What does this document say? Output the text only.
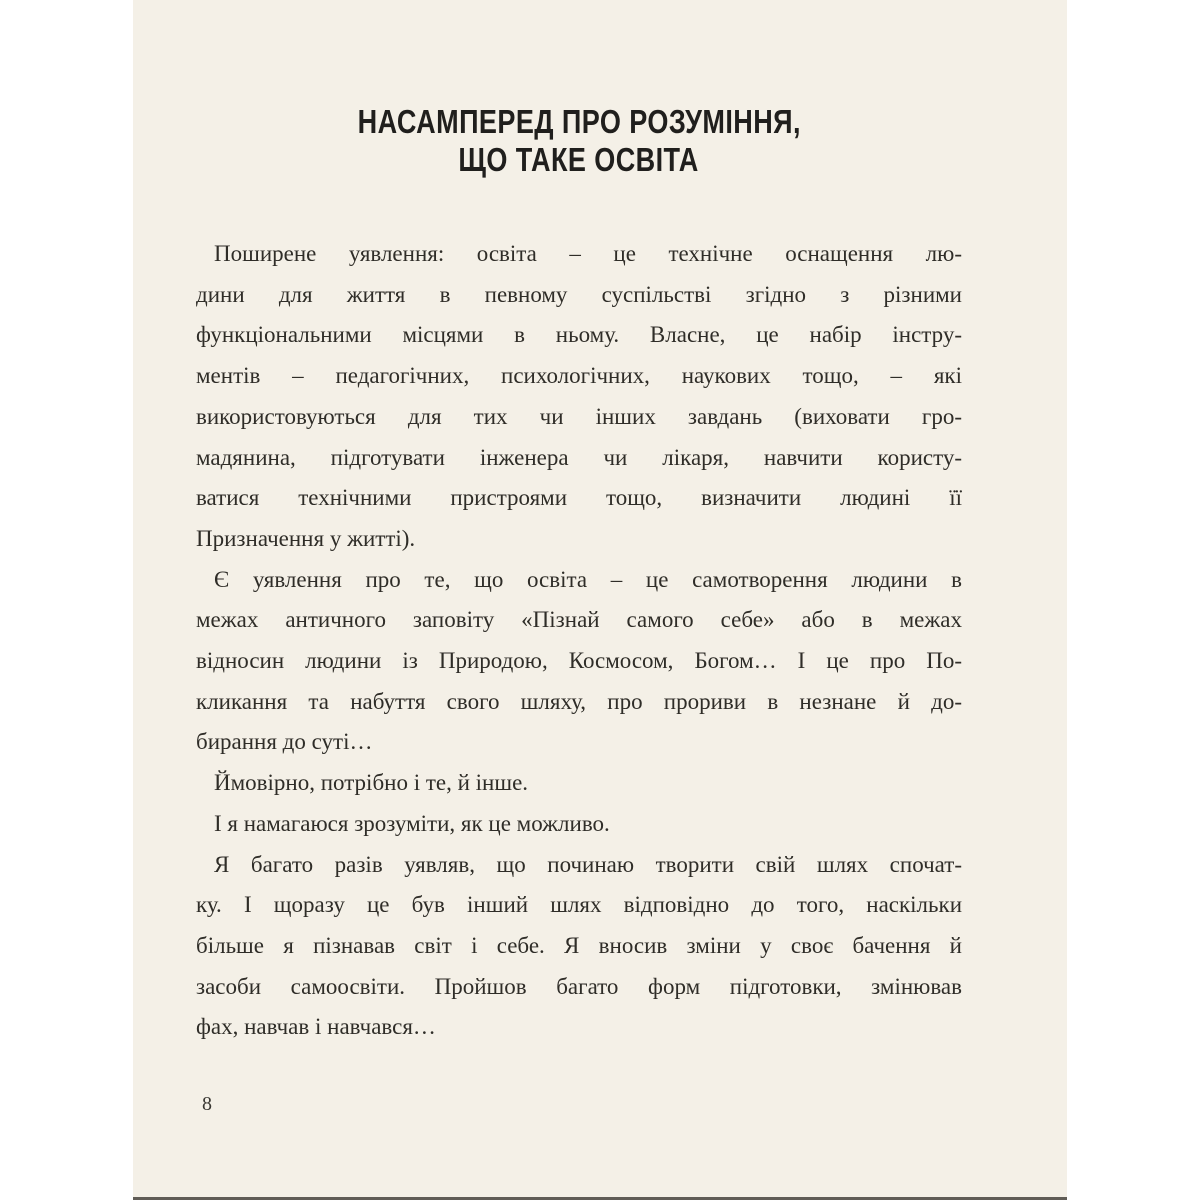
НАСАМПЕРЕД ПРО РОЗУМІННЯ,
ЩО ТАКЕ ОСВІТА

Поширене уявлення: освіта – це технічне оснащення лю-
дини для життя в певному суспільстві згідно з різними
функціональними місцями в ньому. Власне, це набір інстру-
ментів – педагогічних, психологічних, наукових тощо, – які
використовуються для тих чи інших завдань (виховати гро-
мадянина, підготувати інженера чи лікаря, навчити користу-
ватися технічними пристроями тощо, визначити людині її
Призначення у житті).

Є уявлення про те, що освіта – це самотворення людини в
межах античного заповіту «Пізнай самого себе» або в межах
відносин людини із Природою, Космосом, Богом… І це про По-
кликання та набуття свого шляху, про прориви в незнане й до-
бирання до суті…

Ймовірно, потрібно і те, й інше.

І я намагаюся зрозуміти, як це можливо.

Я багато разів уявляв, що починаю творити свій шлях спочат-
ку. І щоразу це був інший шлях відповідно до того, наскільки
більше я пізнавав світ і себе. Я вносив зміни у своє бачення й
засоби самоосвіти. Пройшов багато форм підготовки, змінював
фах, навчав і навчався…

8
